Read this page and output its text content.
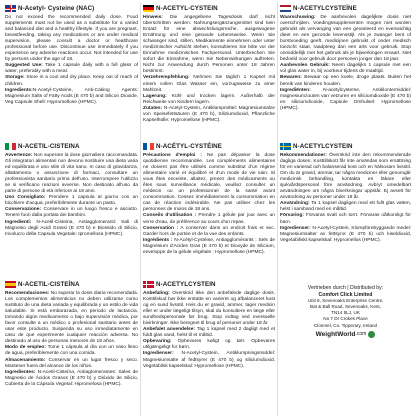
N-Acetyl- Cysteine (NAC)
Do not exceed the recommended daily dose. Food supplements must not be used as a substitute for a varied and balanced diet and a healthy lifestyle. If you are pregnant, breastfeeding, taking any medications or are under medical supervision, please consult a doctor or healthcare professional before use. Discontinue use immediately if you experience any adverse reactions occur. Not intended for use by persons under the age of 18.
Suggested Use: Take 1 capsule daily with a full glass of water, preferably with a meal.
Storage: Store in a cool and dry place. Keep out of reach of children.
Ingredients:N-Acetyl-Cysteine, Anti-Caking Agents: Magnesium Salts of Fatty Acids (E 470 b) and Silicon Dioxide, Veg Capsule Shell: Hypromellose (HPMC).
N-ACETIL-CISTEINA
Avvertenze: Non superare la dose giornaliera raccomandata. Gli integratori alimentari non devono sostituire una dieta varia ed equilibrata e uno stile di vita sano. In caso di gravidanza, allattamento o assunzione di farmaci, consultare un professionista sanitario prima dell'uso. Interrompere l'utilizzo se si verificano reazioni avverse. Non destinato all'uso da parte di persone di età inferiore ai 18 anni.
Uso Consigliato: Prendere 1 capsula al giorno con un bicchiere d'acqua, preferibilmente durante un pasto.
Conservazione: Conservare in un luogo fresco e asciutto. Tenere fuori dalla portata dei bambini.
Ingredienti: N-Acetil-Cisteina, Antiagglomeranti: Sali di Magnesio degli Acidi Grassi (E 470 b) e Biossido di Silicio, Involucro della Capsula Vegetale: Ipromellosa (HPMC).
N-ACETIL-CISTEÍNA
Recomendaciones: No superar la dosis diaria recomendada. Los complementos alimenticios no deben utilizarse como sustituto de una dieta variada y equilibrada y un estilo de vida saludable. Si está embarazada, en periodo de lactancia, tomando algún medicamento o bajo supervisión médica, por favor consulte a un médico o profesional sanitario antes de usar este producto. Suspenda su uso inmediatamente en caso de que experimente cualquier reacción adversa. No destinado al uso de personas menores de 18 años.
Modo de empleo: Tome 1 cápsula al día con un vaso lleno de agua, preferiblemente con una comida.
Almacenamiento: Conservar en un lugar fresco y seco. Mantener fuera del alcance de los niños.
Ingredientes: N-Acetil-Cisteína, Antiaglomerantes: Sales de Magnesio de Ácidos Grasos (E 470 b) y Dióxido de Silicio, Cubierta de la Cápsula Vegetal: Hipromelosa (HPMC).
N-ACETYL-CYSTEIN
Hinweis: Die angegebene Tagesdosis darf nicht überschritten werden. Nahrungsergänzungsmittel sind kein Ersatz für eine abwechslungsreiche, ausgewogene Ernährung und eine gesunde Lebensweise. Wenn Sie schwanger sind, stillen, Medikamente einnehmen oder unter medizinischer Aufsicht stehen, konsultieren Sie bitte vor der Einnahme medizinisches Fachpersonal. Unterbrechen Sie sofort die Einnahme, wenn Sie Nebenwirkungen auftreten. Nicht zur Anwendung durch Personen unter 18 Jahren bestimmt.
Verzehrempfehlung: Nehmen Sie täglich 1 Kapsel mit einem vollen Glas Wasser ein, vorzugsweise zu einer Mahlzeit.
Lagerung: Kühl und trocken lagern. Außerhalb der Reichweite von Kindern lagern.
Zutaten: N-Acetyl-Cystein, Antiklumpmittel: Magnesiumsalze von Speisefettsäuren (E 470 b), Siliziumdioxid, Pflanzliche Kapselhülle: Hypromellose (HPMC).
N-ACÉTYL-CYSTÉINE
Précautions d'emploi : Ne pas dépasser la dose quotidienne recommandée. Les compléments alimentaires ne doivent pas être utilisés comme substitut d'un régime alimentaire varié et équilibré et d'un mode de vie sain. Si vous êtes enceinte, allaitez, prenez des médicaments ou êtes sous surveillance médicale, veuillez consulter un médecin ou un professionnel de la santé avant consommation. Cessez immédiatement la consommation en cas de réaction indésirable. Ne pas utiliser chez les personnes de moins de 18 ans.
Conseils d'utilisation : Prendre 1 gélule par jour avec un verre d'eau, de préférence au cours d'un repas.
Conservation : A conserver dans un endroit frais et sec. Garder hors de portée et de la vue des enfants.
Ingrédients : N-Acétyl-Cystéine, Antiagglomérants : Sels de Magnésium d'Acides Gras (E 470 b) et Dioxyde de Silicium, enveloppe de la gélule végétale : Hypromellose (HPMC).
N-ACETYLCYSTEIN
Anbefaling: Overskrid ikke den anbefalede daglige dosis. Kosttilskud bør ikke erstatte en varieret og afbalanceret kost og en sund livsstil. Hvis du er gravid, ammer, tager medicin eller er under lægeligt tilsyn, skal du konsultere en læge eller sundhedspersonale før brug. Stop indtag ved eventuelle bivirkninger. Ikke beregnet til brug af personer under 18 år.
Anbefalet anvendelse: Tag 1 kapsel med 2 dagligt med et fuldt glas vand, helst til et måltid.
Opbevaring: Opbevares køligt og tørt. Opbevares utilgængeligt for børn.
Ingredienser: N-Acetyl-Cystein, Antiklumpningsmiddel: Magnesiumsalte af fedtsyrer (E 470 b) og siliciumdioxid, Vegetabilsk kapselskal: Hypromellose (HPMC).
N-ACETYLCYSTEÏNE
Waarschuwing: De aanbevolen dagelijkse dosis niet overschrijden. Voedingssupplementen mogen niet worden gebruikt als vervanging van een gevarieerd en evenwichtig dieet en een gezonde levensstijl. Als je zwanger bent of borstvoeding geeft, medicijnen gebruikt of onder medisch toezicht staat, raadpleeg dan een arts voor gebruik. Stop onmiddellijk met het gebruik als je bijwerkingen ervaart. Niet bedoeld voor gebruik door personen jonger dan 18 jaar.
Aanbevolen Gebruik: Neem dagelijks 1 capsule met een vol glas water in, bij voorkeur tijdens de maaltijd.
Bewaren: Bewaar op een koele, droge plaats. Buiten het bereik van kinderen houden.
Ingrediënten: N-acetylcysteïne, Antiklontermiddel: magnesiumzouten van vetzuren en siliciumdioxide (E 470 b) en siliciumdioxide, Capsule Omhulsel: Hypromellose (HPMC).
N-ACETYLCYSTEIN
Rekommendationer: Överskrid inte den rekommenderade dagliga dosen. Kosttillskott får inte användas som ersättning för en varierad och balanserad kost och en hälsosam livsstil. Om du är gravid, ammar, tar några mediciner eller genomgår medicinsk behandling, kontakta en läkare eller sjukvårdspersonal före användning. Avbryt omedelbart användningen om några biverkningar uppstår. Ej avsett för användning av personer under 18 år.
Användning: Ta 1 kapsel dagligen med ett fullt glas vatten, helst i samband med en måltid.
Förvaring: Förvaras svalt och torrt. Förvaras oåtkomligt för barn.
Ingredienser: N-Acetyl-Cystein, Klumpförebyggande medel: Magnesiumsalter av fettsyror (E 470 b) och kiseldioxid, Vegetabiliskt kapselskal: Hypromellos (HPMC).
Vertrieben durch | Distributed by:
Comfort Click Limited
Unit 8, Sevenoaks Enterprise Centre,
Bat & Ball Road, Sevenoaks, Kent,
TN14 5LJ, UK
No 7 Dr Crokes Place
Clonmel, Co. Tipperary, Ireland
WeightWorld .com
